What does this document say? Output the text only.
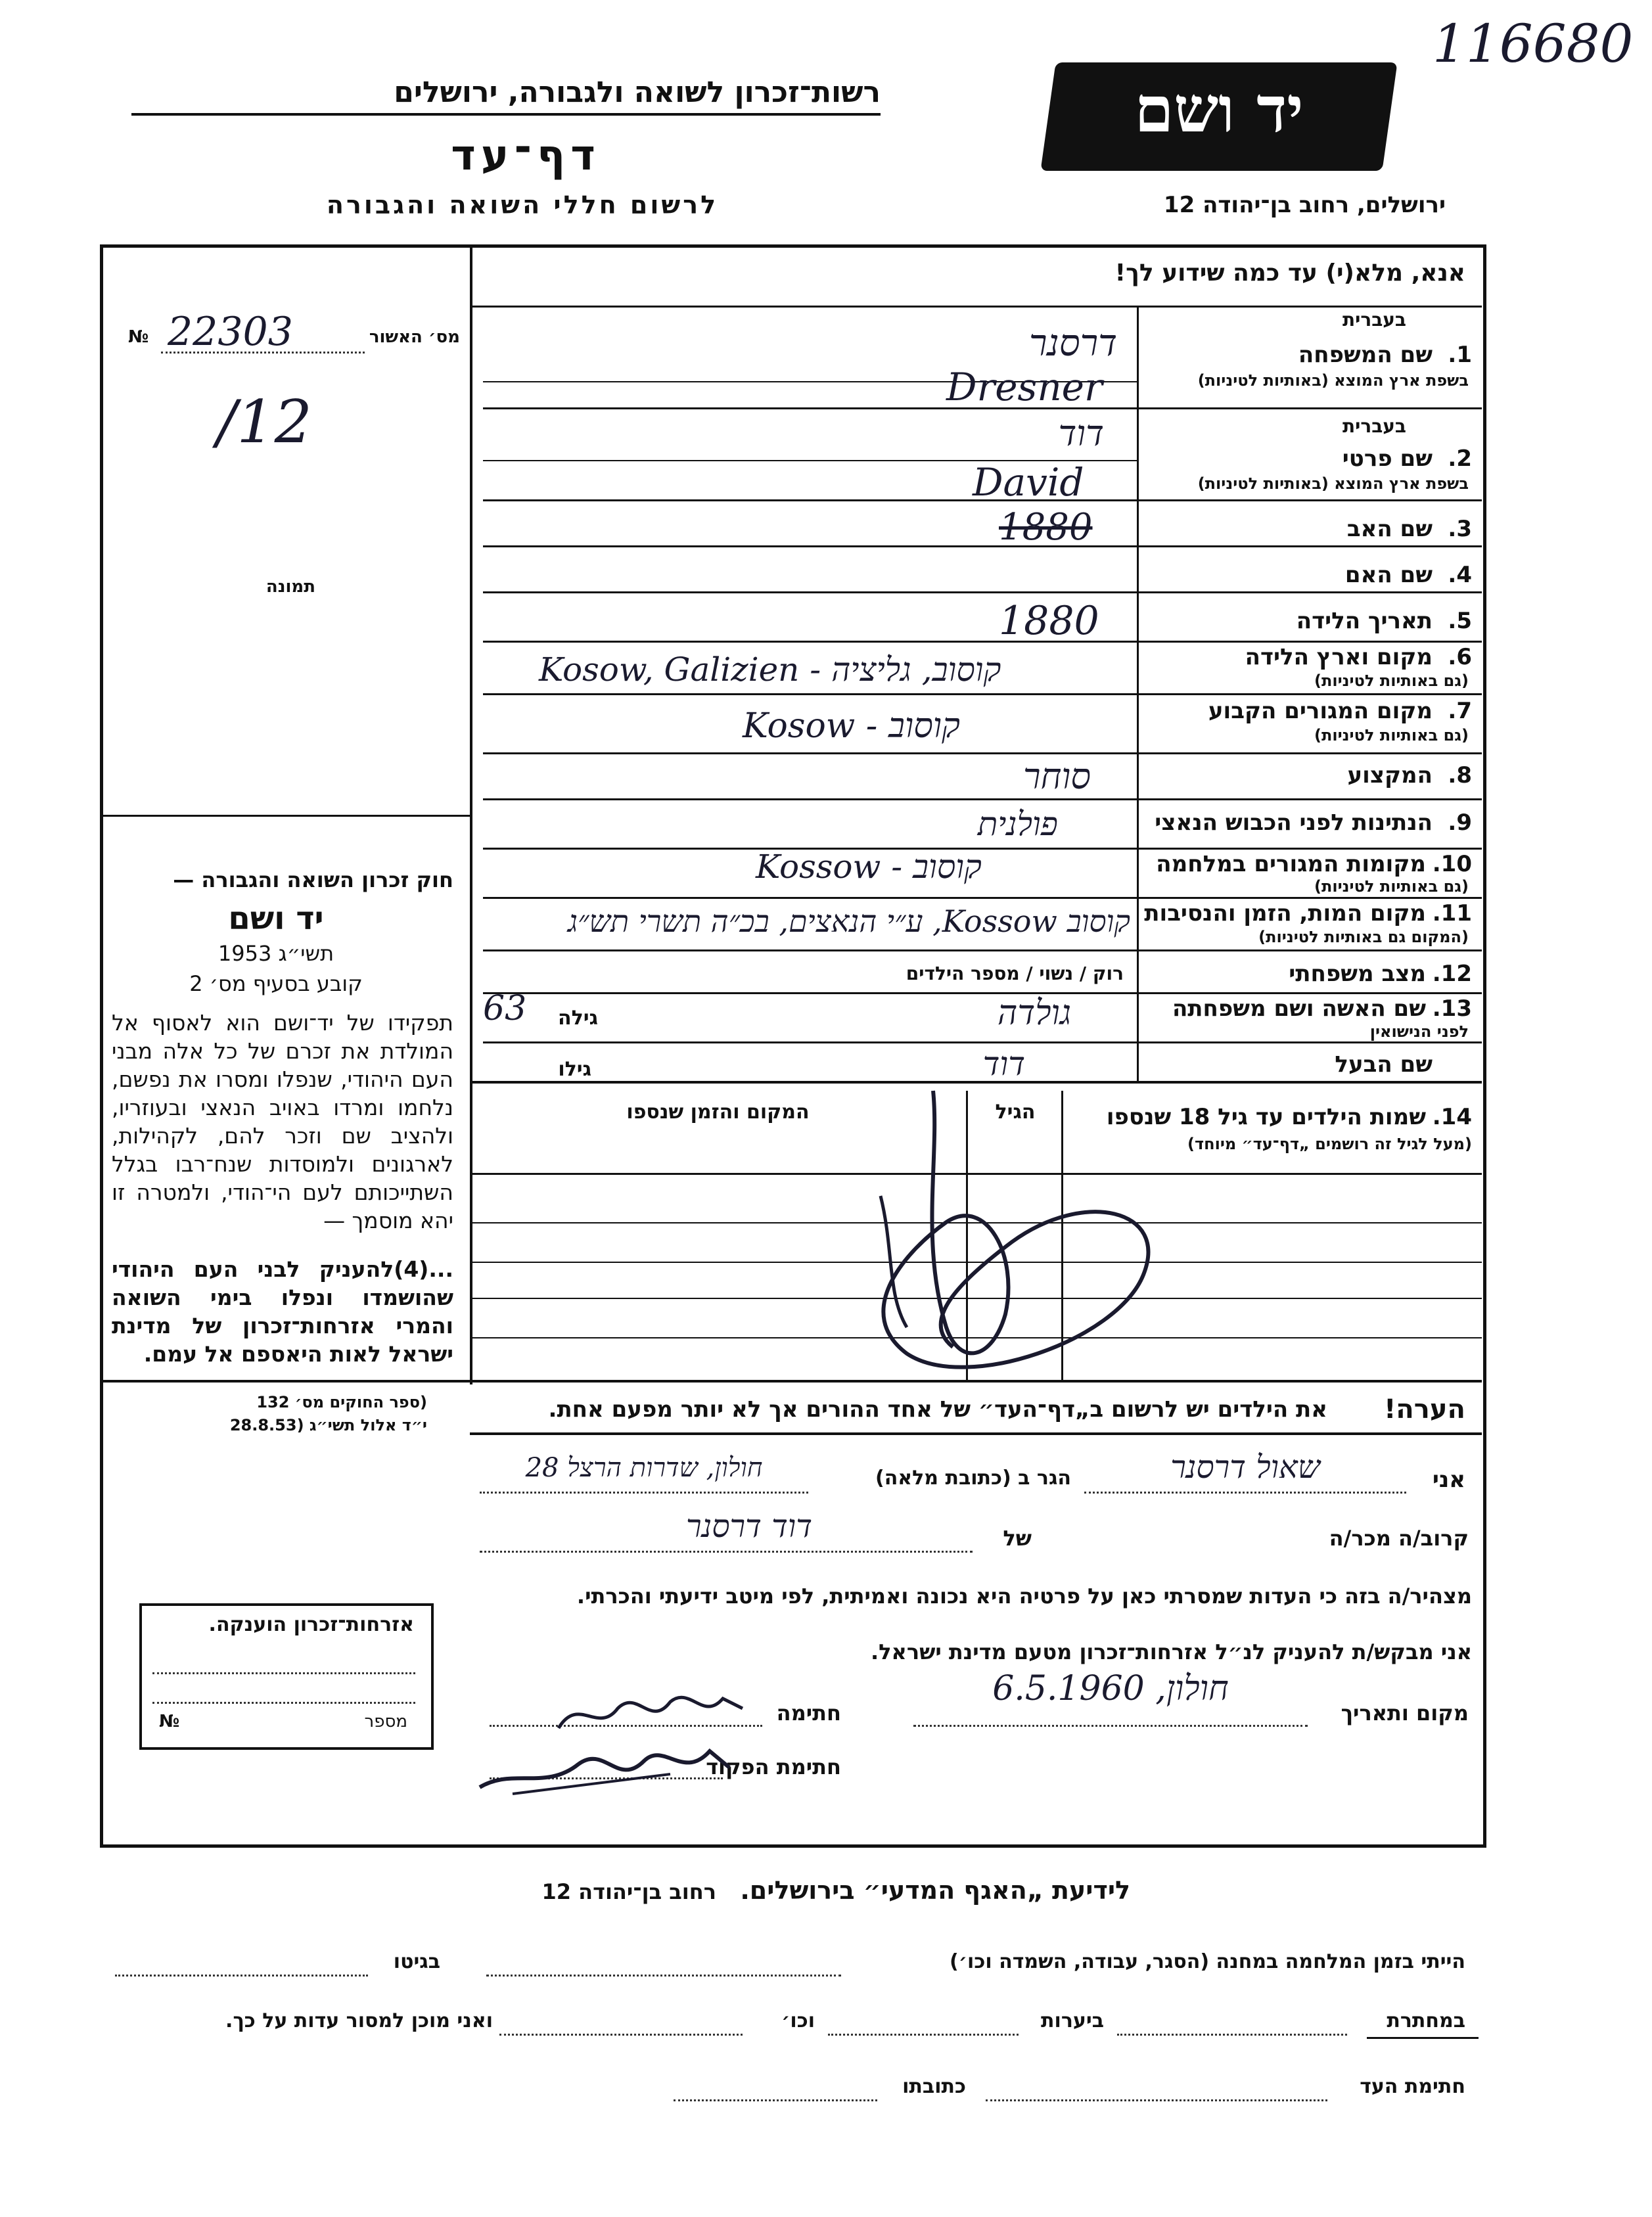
116680
רשות־זכרון לשואה ולגבורה, ירושלים
דף־עד
לרשום חללי השואה והגבורה
יד ושם
ירושלים, רחוב בן־יהודה 12
אנא, מלא(י) עד כמה שידוע לך!
מס׳ האשור
№ 22303
/12
תמונה
חוק זכרון השואה והגבורה —
יד ושם
תשי״ג 1953
קובע בסעיף מס׳ 2
תפקידו של יד־ושם הוא לאסוף אל המולדת את זכרם של כל אלה מבני העם היהודי, שנפלו ומסרו את נפשם, נלחמו ומרדו באויב הנאצי ובעוזריו, ולהציב שם וזכר להם, לקהילות, לארגונים ולמוסדות שנח־רבו בגלל השתייכותם לעם הי־הודי, ולמטרה זו יהא מוסמך —
...(4)להעניק לבני העם היהודי שהושמדו ונפלו בימי השואה והמרי אזרחות־זכרון של מדינת ישראל לאות היאספם אל עמם.
(ספר החוקים מס׳ 132
י״ד אלול תשי״ג (28.8.53
אזרחות־זכרון הוענקה.
מספר
№
1.
שם המשפחה
בעברית
בשפת ארץ המוצא (באותיות לטיניות)
דרסנר
Dresner
בעברית
2.
שם פרטי
בשפת ארץ המוצא (באותיות לטיניות)
דוד
David
3.
שם האב
1880
4.
שם האם
5.
תאריך הלידה
1880
6.
מקום וארץ הלידה
(גם באותיות לטיניות)
Kosow, Galizien - קוסוב, גליציה
7.
מקום המגורים הקבוע
(גם באותיות לטיניות)
Kosow - קוסוב
8.
המקצוע
סוחר
9.
הנתינות לפני הכבוש הנאצי
פולנית
10.
מקומות המגורים במלחמה
(גם באותיות לטיניות)
Kossow - קוסוב
11.
מקום המות, הזמן והנסיבות
(המקום גם באותיות לטיניות)
קוסוב Kossow, ע״י הנאצים, בכ״ה תשרי תש״ג
12.
מצב משפחתי
רוק / נשוי / מספר הילדים
13.
שם האשה ושם משפחתה
לפני הנישואין
גילה
63	גולדה
שם הבעל
גילו	דוד
14.
שמות הילדים עד גיל 18 שנספו
(מעל לגיל זה רושמים „דף־עד״ מיוחד)
הגיל
המקום והזמן שנספו
הערה!
את הילדים יש לרשום ב„דף־העד״ של אחד ההורים אך לא יותר מפעם אחת.
אני
שאול דרסנר
הגר ב (כתובת מלאה)
חולון, שדרות הרצל 28
קרוב/ה מכר/ה
של
דוד דרסנר
מצהיר/ה בזה כי העדות שמסרתי כאן על פרטיה היא נכונה ואמיתית, לפי מיטב ידיעתי והכרתי.
אני מבקש/ת להעניק לנ״ל אזרחות־זכרון מטעם מדינת ישראל.
מקום ותאריך
חולון, 6.5.1960
חתימה
חתימת הפקוד
לידיעת „האגף המדעי״ בירושלים.
רחוב בן־יהודה 12
הייתי בזמן המלחמה במחנה (הסגר, עבודה, השמדה וכו׳)
בגיטו
במחתרת
ביערות
וכו׳
ואני מוכן למסור עדות על כך.
חתימת העד
כתובתו
